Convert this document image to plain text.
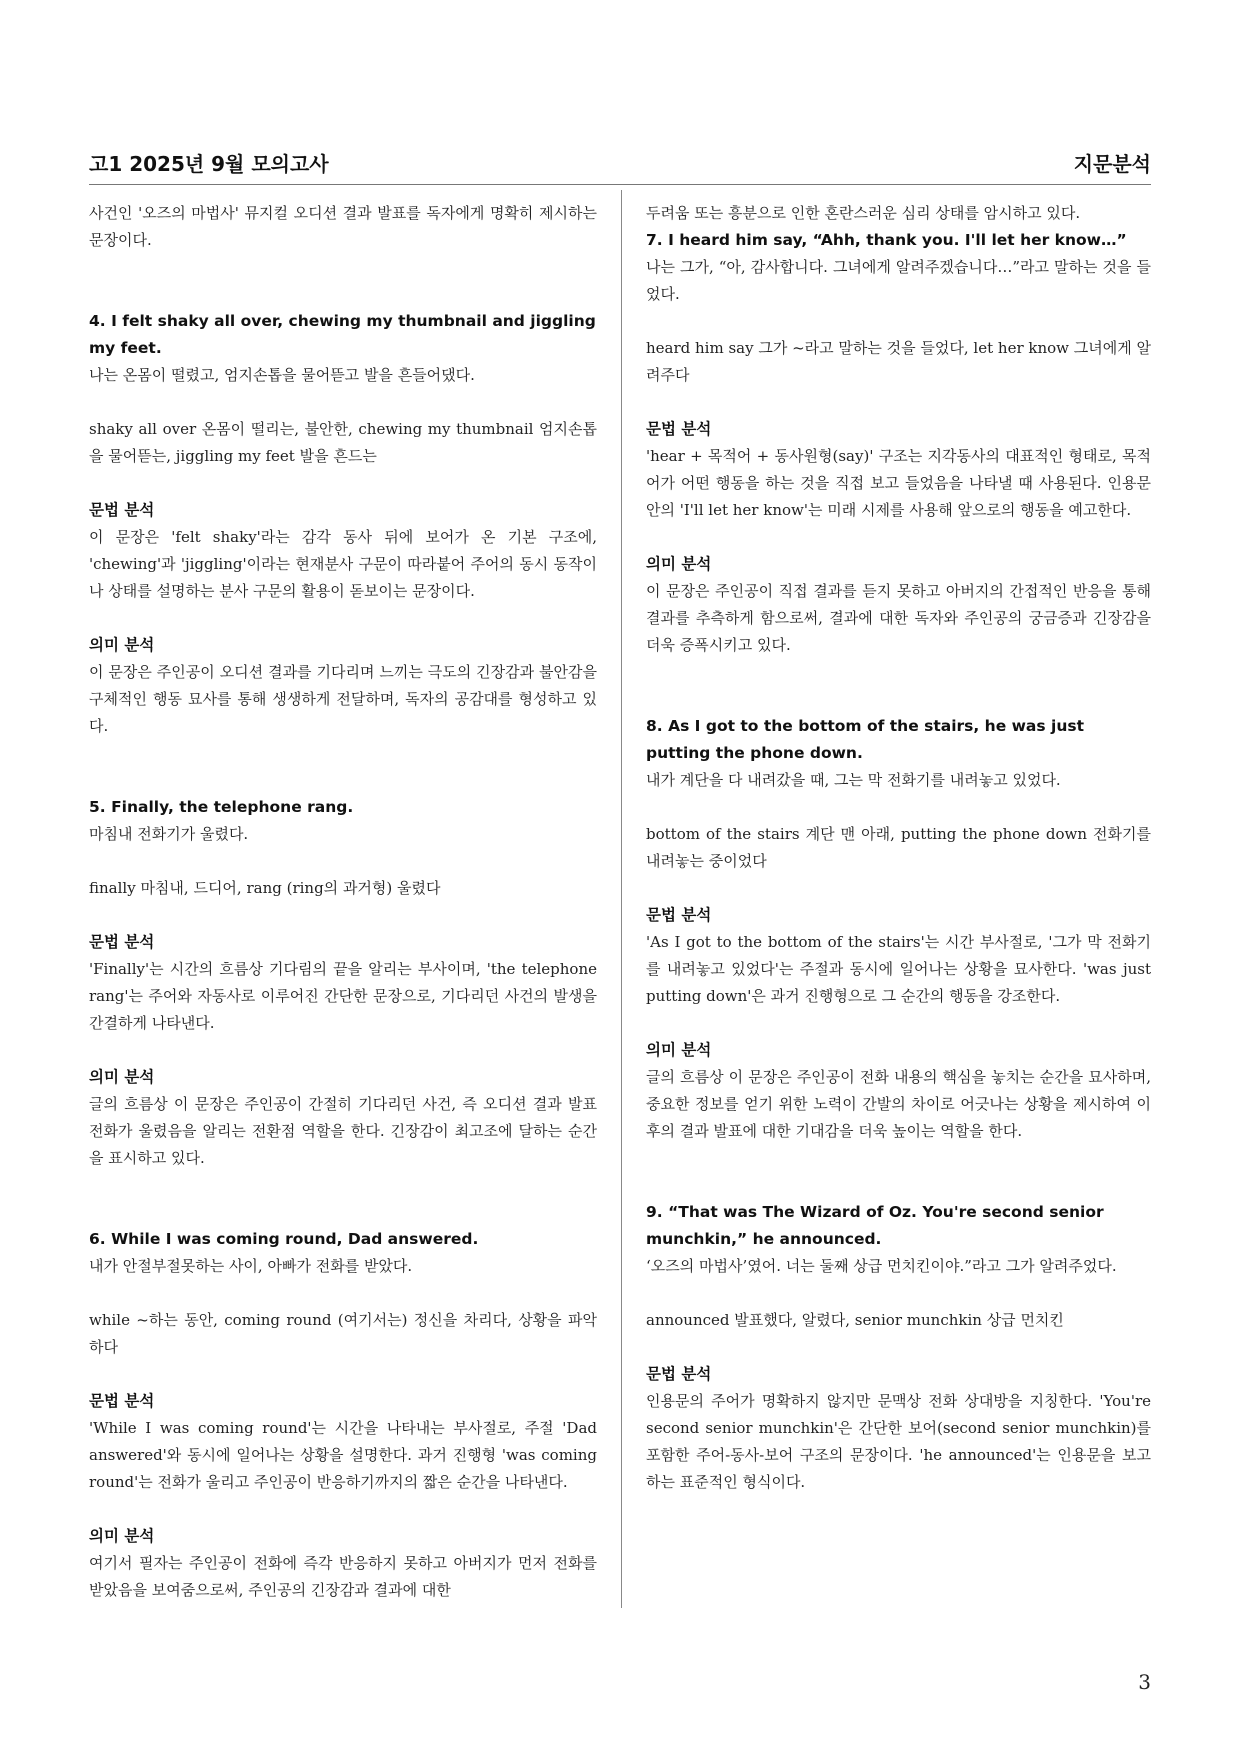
고1 2025년 9월 모의고사	지문분석

사건인 '오즈의 마법사' 뮤지컬 오디션 결과 발표를 독자에게 명확히 제시하는 문장이다.

4. I felt shaky all over, chewing my thumbnail and jiggling my feet.

나는 온몸이 떨렸고, 엄지손톱을 물어뜯고 발을 흔들어댔다.

shaky all over 온몸이 떨리는, 불안한, chewing my thumbnail 엄지손톱을 물어뜯는, jiggling my feet 발을 흔드는

문법 분석

이 문장은 'felt shaky'라는 감각 동사 뒤에 보어가 온 기본 구조에, 'chewing'과 'jiggling'이라는 현재분사 구문이 따라붙어 주어의 동시 동작이나 상태를 설명하는 분사 구문의 활용이 돋보이는 문장이다.

의미 분석

이 문장은 주인공이 오디션 결과를 기다리며 느끼는 극도의 긴장감과 불안감을 구체적인 행동 묘사를 통해 생생하게 전달하며, 독자의 공감대를 형성하고 있다.

5. Finally, the telephone rang.

마침내 전화기가 울렸다.

finally 마침내, 드디어, rang (ring의 과거형) 울렸다

문법 분석

'Finally'는 시간의 흐름상 기다림의 끝을 알리는 부사이며, 'the telephone rang'는 주어와 자동사로 이루어진 간단한 문장으로, 기다리던 사건의 발생을 간결하게 나타낸다.

의미 분석

글의 흐름상 이 문장은 주인공이 간절히 기다리던 사건, 즉 오디션 결과 발표 전화가 울렸음을 알리는 전환점 역할을 한다. 긴장감이 최고조에 달하는 순간을 표시하고 있다.

6. While I was coming round, Dad answered.

내가 안절부절못하는 사이, 아빠가 전화를 받았다.

while ~하는 동안, coming round (여기서는) 정신을 차리다, 상황을 파악하다

문법 분석

'While I was coming round'는 시간을 나타내는 부사절로, 주절 'Dad answered'와 동시에 일어나는 상황을 설명한다. 과거 진행형 'was coming round'는 전화가 울리고 주인공이 반응하기까지의 짧은 순간을 나타낸다.

의미 분석

여기서 필자는 주인공이 전화에 즉각 반응하지 못하고 아버지가 먼저 전화를 받았음을 보여줌으로써, 주인공의 긴장감과 결과에 대한

두려움 또는 흥분으로 인한 혼란스러운 심리 상태를 암시하고 있다.

7. I heard him say, “Ahh, thank you. I'll let her know…”

나는 그가, “아, 감사합니다. 그녀에게 알려주겠습니다…”라고 말하는 것을 들었다.

heard him say 그가 ~라고 말하는 것을 들었다, let her know 그녀에게 알려주다

문법 분석

'hear + 목적어 + 동사원형(say)' 구조는 지각동사의 대표적인 형태로, 목적어가 어떤 행동을 하는 것을 직접 보고 들었음을 나타낼 때 사용된다. 인용문 안의 'I'll let her know'는 미래 시제를 사용해 앞으로의 행동을 예고한다.

의미 분석

이 문장은 주인공이 직접 결과를 듣지 못하고 아버지의 간접적인 반응을 통해 결과를 추측하게 함으로써, 결과에 대한 독자와 주인공의 궁금증과 긴장감을 더욱 증폭시키고 있다.

8. As I got to the bottom of the stairs, he was just putting the phone down.

내가 계단을 다 내려갔을 때, 그는 막 전화기를 내려놓고 있었다.

bottom of the stairs 계단 맨 아래, putting the phone down 전화기를 내려놓는 중이었다

문법 분석

'As I got to the bottom of the stairs'는 시간 부사절로, '그가 막 전화기를 내려놓고 있었다'는 주절과 동시에 일어나는 상황을 묘사한다. 'was just putting down'은 과거 진행형으로 그 순간의 행동을 강조한다.

의미 분석

글의 흐름상 이 문장은 주인공이 전화 내용의 핵심을 놓치는 순간을 묘사하며, 중요한 정보를 얻기 위한 노력이 간발의 차이로 어긋나는 상황을 제시하여 이후의 결과 발표에 대한 기대감을 더욱 높이는 역할을 한다.

9. “That was The Wizard of Oz. You're second senior munchkin,” he announced.

‘오즈의 마법사’였어. 너는 둘째 상급 먼치킨이야.”라고 그가 알려주었다.

announced 발표했다, 알렸다, senior munchkin 상급 먼치킨

문법 분석

인용문의 주어가 명확하지 않지만 문맥상 전화 상대방을 지칭한다. 'You're second senior munchkin'은 간단한 보어(second senior munchkin)를 포함한 주어-동사-보어 구조의 문장이다. 'he announced'는 인용문을 보고하는 표준적인 형식이다.

3
